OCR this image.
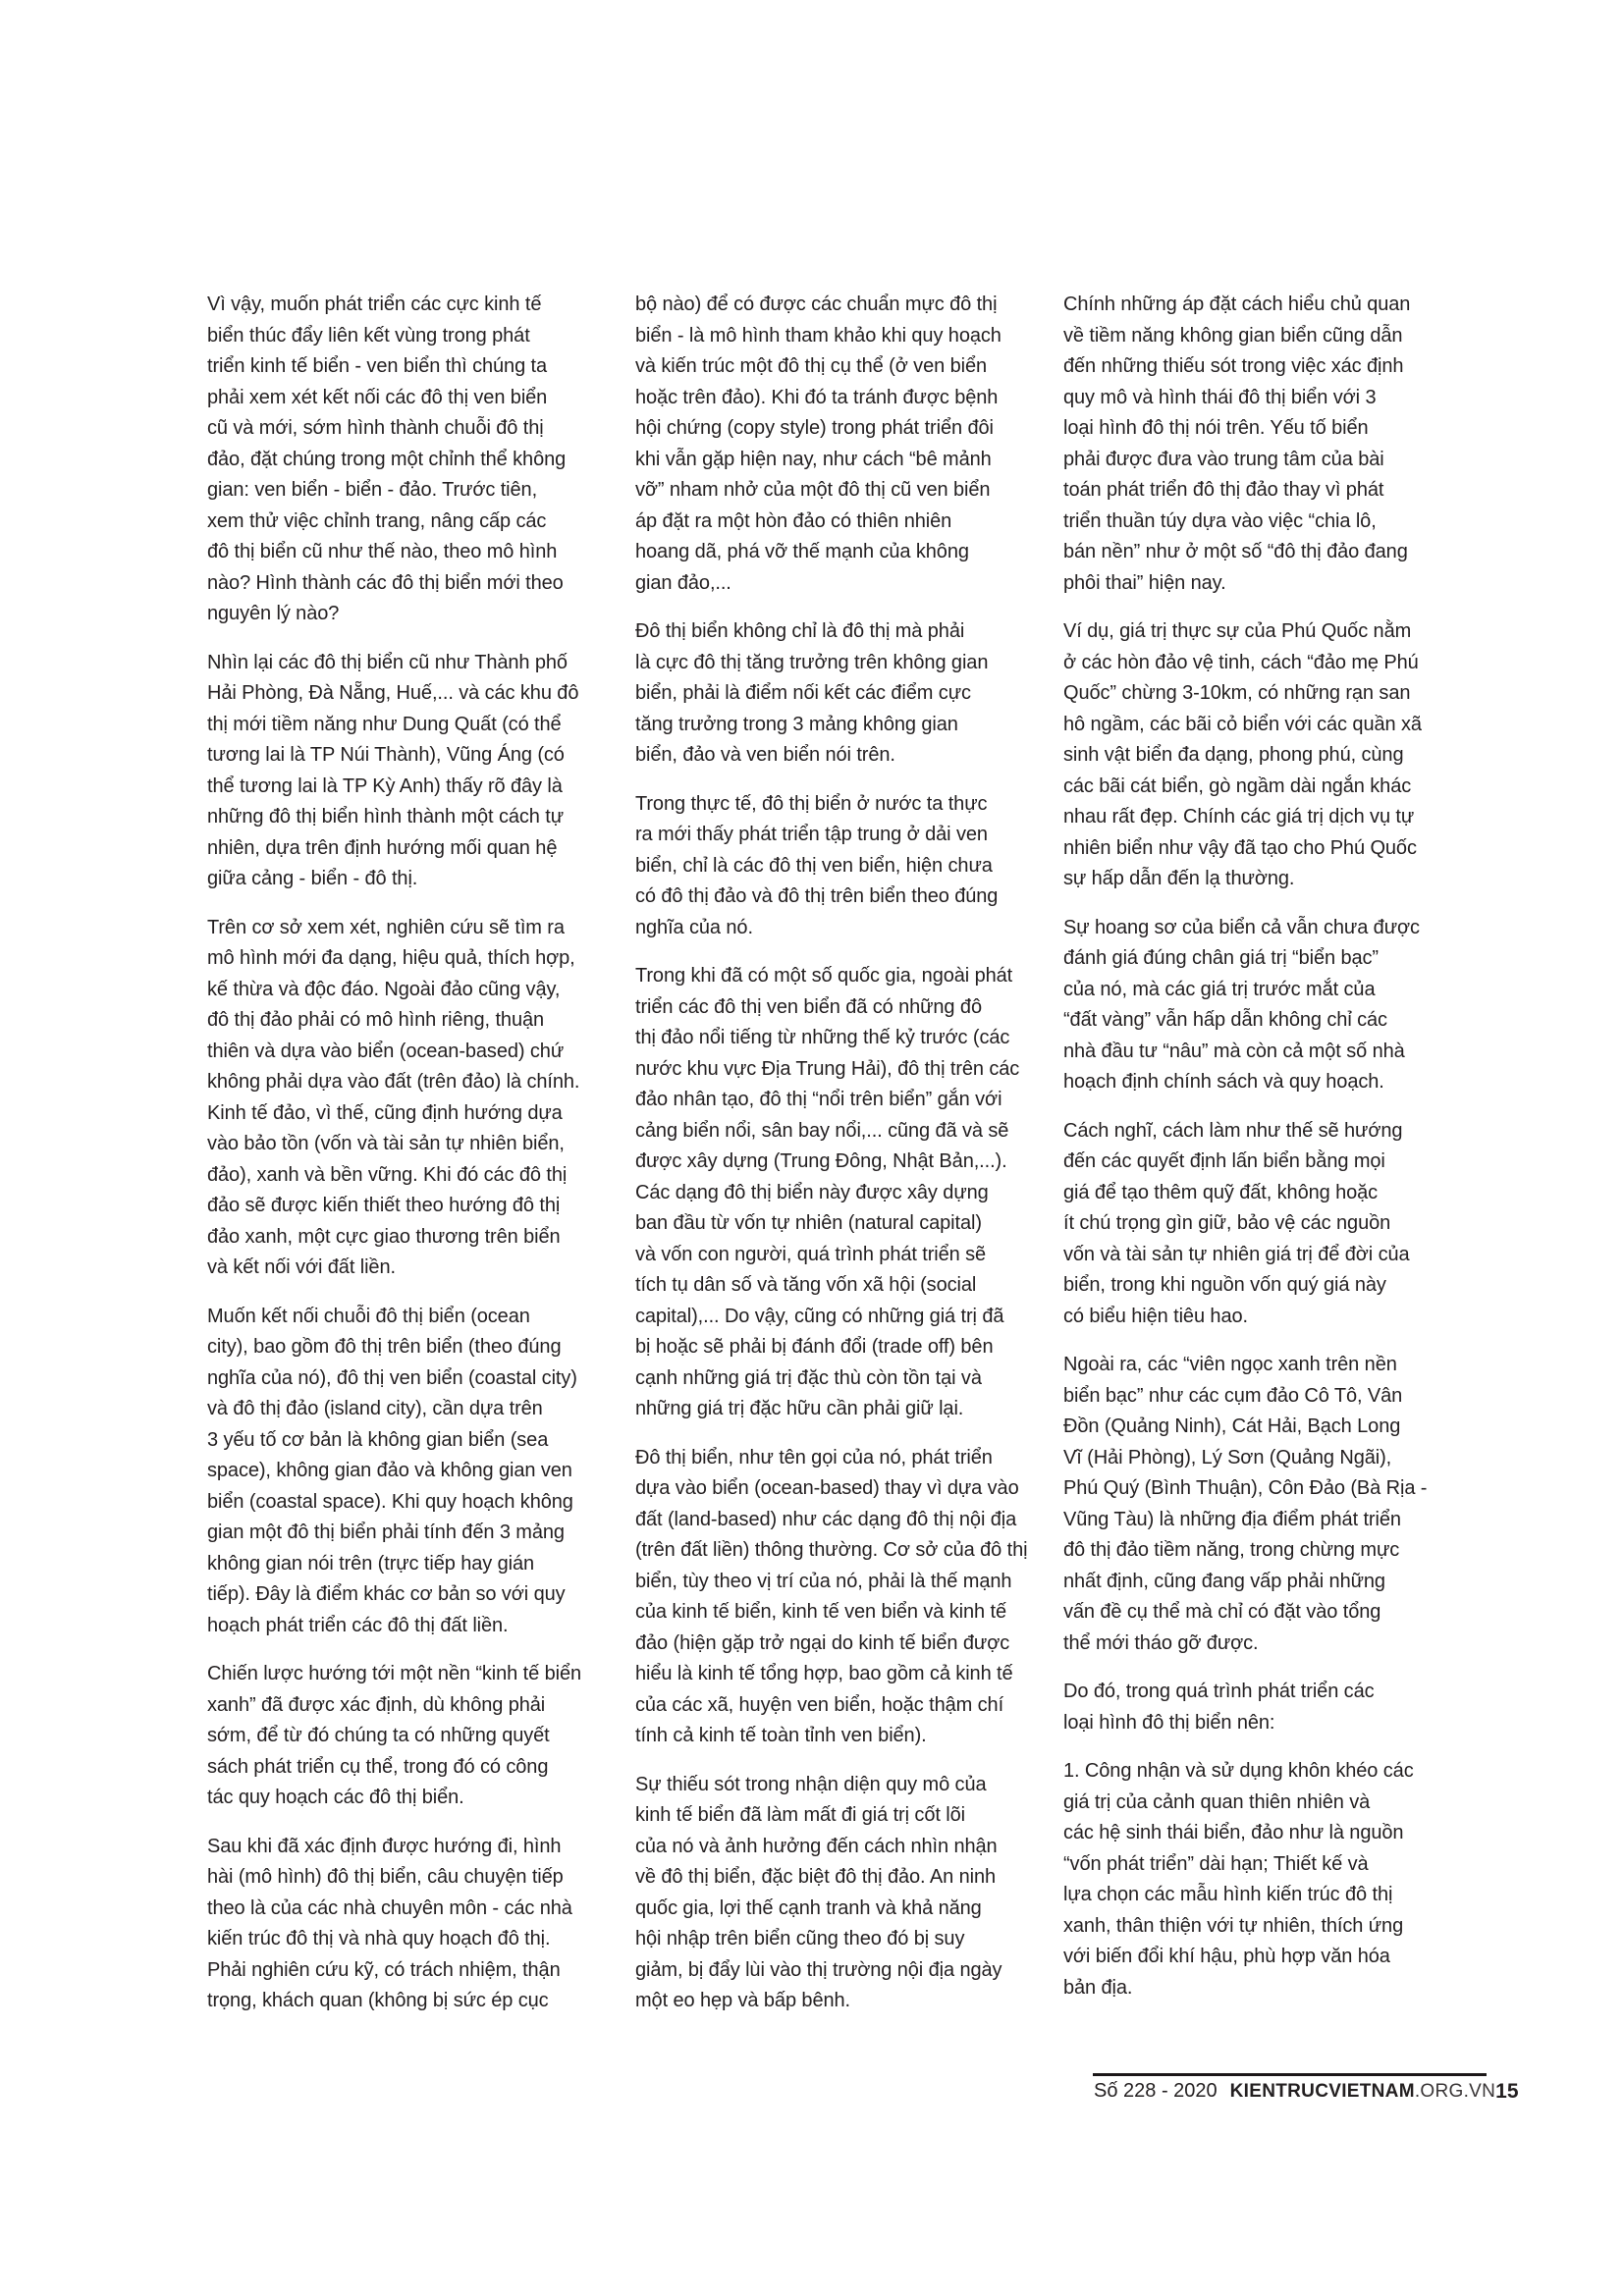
Vì vậy, muốn phát triển các cực kinh tế
biển thúc đẩy liên kết vùng trong phát
triển kinh tế biển - ven biển thì chúng ta
phải xem xét kết nối các đô thị ven biển
cũ và mới, sớm hình thành chuỗi đô thị
đảo, đặt chúng trong một chỉnh thể không
gian: ven biển - biển - đảo. Trước tiên,
xem thử việc chỉnh trang, nâng cấp các
đô thị biển cũ như thế nào, theo mô hình
nào? Hình thành các đô thị biển mới theo
nguyên lý nào?

Nhìn lại các đô thị biển cũ như Thành phố
Hải Phòng, Đà Nẵng, Huế,... và các khu đô
thị mới tiềm năng như Dung Quất (có thể
tương lai là TP Núi Thành), Vũng Áng (có
thể tương lai là TP Kỳ Anh) thấy rõ đây là
những đô thị biển hình thành một cách tự
nhiên, dựa trên định hướng mối quan hệ
giữa cảng - biển - đô thị.

Trên cơ sở xem xét, nghiên cứu sẽ tìm ra
mô hình mới đa dạng, hiệu quả, thích hợp,
kế thừa và độc đáo. Ngoài đảo cũng vậy,
đô thị đảo phải có mô hình riêng, thuận
thiên và dựa vào biển (ocean-based) chứ
không phải dựa vào đất (trên đảo) là chính.
Kinh tế đảo, vì thế, cũng định hướng dựa
vào bảo tồn (vốn và tài sản tự nhiên biển,
đảo), xanh và bền vững. Khi đó các đô thị
đảo sẽ được kiến thiết theo hướng đô thị
đảo xanh, một cực giao thương trên biển
và kết nối với đất liền.

Muốn kết nối chuỗi đô thị biển (ocean
city), bao gồm đô thị trên biển (theo đúng
nghĩa của nó), đô thị ven biển (coastal city)
và đô thị đảo (island city), cần dựa trên
3 yếu tố cơ bản là không gian biển (sea
space), không gian đảo và không gian ven
biển (coastal space). Khi quy hoạch không
gian một đô thị biển phải tính đến 3 mảng
không gian nói trên (trực tiếp hay gián
tiếp). Đây là điểm khác cơ bản so với quy
hoạch phát triển các đô thị đất liền.

Chiến lược hướng tới một nền “kinh tế biển
xanh” đã được xác định, dù không phải
sớm, để từ đó chúng ta có những quyết
sách phát triển cụ thể, trong đó có công
tác quy hoạch các đô thị biển.

Sau khi đã xác định được hướng đi, hình
hài (mô hình) đô thị biển, câu chuyện tiếp
theo là của các nhà chuyên môn - các nhà
kiến trúc đô thị và nhà quy hoạch đô thị.
Phải nghiên cứu kỹ, có trách nhiệm, thận
trọng, khách quan (không bị sức ép cục

bộ nào) để có được các chuẩn mực đô thị
biển - là mô hình tham khảo khi quy hoạch
và kiến trúc một đô thị cụ thể (ở ven biển
hoặc trên đảo). Khi đó ta tránh được bệnh
hội chứng (copy style) trong phát triển đôi
khi vẫn gặp hiện nay, như cách “bê mảnh
vỡ” nham nhở của một đô thị cũ ven biển
áp đặt ra một hòn đảo có thiên nhiên
hoang dã, phá vỡ thế mạnh của không
gian đảo,...

Đô thị biển không chỉ là đô thị mà phải
là cực đô thị tăng trưởng trên không gian
biển, phải là điểm nối kết các điểm cực
tăng trưởng trong 3 mảng không gian
biển, đảo và ven biển nói trên.

Trong thực tế, đô thị biển ở nước ta thực
ra mới thấy phát triển tập trung ở dải ven
biển, chỉ là các đô thị ven biển, hiện chưa
có đô thị đảo và đô thị trên biển theo đúng
nghĩa của nó.

Trong khi đã có một số quốc gia, ngoài phát
triển các đô thị ven biển đã có những đô
thị đảo nổi tiếng từ những thế kỷ trước (các
nước khu vực Địa Trung Hải), đô thị trên các
đảo nhân tạo, đô thị “nổi trên biển” gắn với
cảng biển nổi, sân bay nổi,... cũng đã và sẽ
được xây dựng (Trung Đông, Nhật Bản,...).
Các dạng đô thị biển này được xây dựng
ban đầu từ vốn tự nhiên (natural capital)
và vốn con người, quá trình phát triển sẽ
tích tụ dân số và tăng vốn xã hội (social
capital),... Do vậy, cũng có những giá trị đã
bị hoặc sẽ phải bị đánh đổi (trade off) bên
cạnh những giá trị đặc thù còn tồn tại và
những giá trị đặc hữu cần phải giữ lại.

Đô thị biển, như tên gọi của nó, phát triển
dựa vào biển (ocean-based) thay vì dựa vào
đất (land-based) như các dạng đô thị nội địa
(trên đất liền) thông thường. Cơ sở của đô thị
biển, tùy theo vị trí của nó, phải là thế mạnh
của kinh tế biển, kinh tế ven biển và kinh tế
đảo (hiện gặp trở ngại do kinh tế biển được
hiểu là kinh tế tổng hợp, bao gồm cả kinh tế
của các xã, huyện ven biển, hoặc thậm chí
tính cả kinh tế toàn tỉnh ven biển).

Sự thiếu sót trong nhận diện quy mô của
kinh tế biển đã làm mất đi giá trị cốt lõi
của nó và ảnh hưởng đến cách nhìn nhận
về đô thị biển, đặc biệt đô thị đảo. An ninh
quốc gia, lợi thế cạnh tranh và khả năng
hội nhập trên biển cũng theo đó bị suy
giảm, bị đẩy lùi vào thị trường nội địa ngày
một eo hẹp và bấp bênh.

Chính những áp đặt cách hiểu chủ quan
về tiềm năng không gian biển cũng dẫn
đến những thiếu sót trong việc xác định
quy mô và hình thái đô thị biển với 3
loại hình đô thị nói trên. Yếu tố biển
phải được đưa vào trung tâm của bài
toán phát triển đô thị đảo thay vì phát
triển thuần túy dựa vào việc “chia lô,
bán nền” như ở một số “đô thị đảo đang
phôi thai” hiện nay.

Ví dụ, giá trị thực sự của Phú Quốc nằm
ở các hòn đảo vệ tinh, cách “đảo mẹ Phú
Quốc” chừng 3-10km, có những rạn san
hô ngầm, các bãi cỏ biển với các quần xã
sinh vật biển đa dạng, phong phú, cùng
các bãi cát biển, gò ngầm dài ngắn khác
nhau rất đẹp. Chính các giá trị dịch vụ tự
nhiên biển như vậy đã tạo cho Phú Quốc
sự hấp dẫn đến lạ thường.

Sự hoang sơ của biển cả vẫn chưa được
đánh giá đúng chân giá trị “biển bạc”
của nó, mà các giá trị trước mắt của
“đất vàng” vẫn hấp dẫn không chỉ các
nhà đầu tư “nâu” mà còn cả một số nhà
hoạch định chính sách và quy hoạch.

Cách nghĩ, cách làm như thế sẽ hướng
đến các quyết định lấn biển bằng mọi
giá để tạo thêm quỹ đất, không hoặc
ít chú trọng gìn giữ, bảo vệ các nguồn
vốn và tài sản tự nhiên giá trị để đời của
biển, trong khi nguồn vốn quý giá này
có biểu hiện tiêu hao.

Ngoài ra, các “viên ngọc xanh trên nền
biển bạc” như các cụm đảo Cô Tô, Vân
Đồn (Quảng Ninh), Cát Hải, Bạch Long
Vĩ (Hải Phòng), Lý Sơn (Quảng Ngãi),
Phú Quý (Bình Thuận), Côn Đảo (Bà Rịa -
Vũng Tàu) là những địa điểm phát triển
đô thị đảo tiềm năng, trong chừng mực
nhất định, cũng đang vấp phải những
vấn đề cụ thể mà chỉ có đặt vào tổng
thể mới tháo gỡ được.

Do đó, trong quá trình phát triển các
loại hình đô thị biển nên:

1. Công nhận và sử dụng khôn khéo các
giá trị của cảnh quan thiên nhiên và
các hệ sinh thái biển, đảo như là nguồn
“vốn phát triển” dài hạn; Thiết kế và
lựa chọn các mẫu hình kiến trúc đô thị
xanh, thân thiện với tự nhiên, thích ứng
với biến đổi khí hậu, phù hợp văn hóa
bản địa.

Số 228 - 2020 KIENTRUCVIETNAM.ORG.VN 15
